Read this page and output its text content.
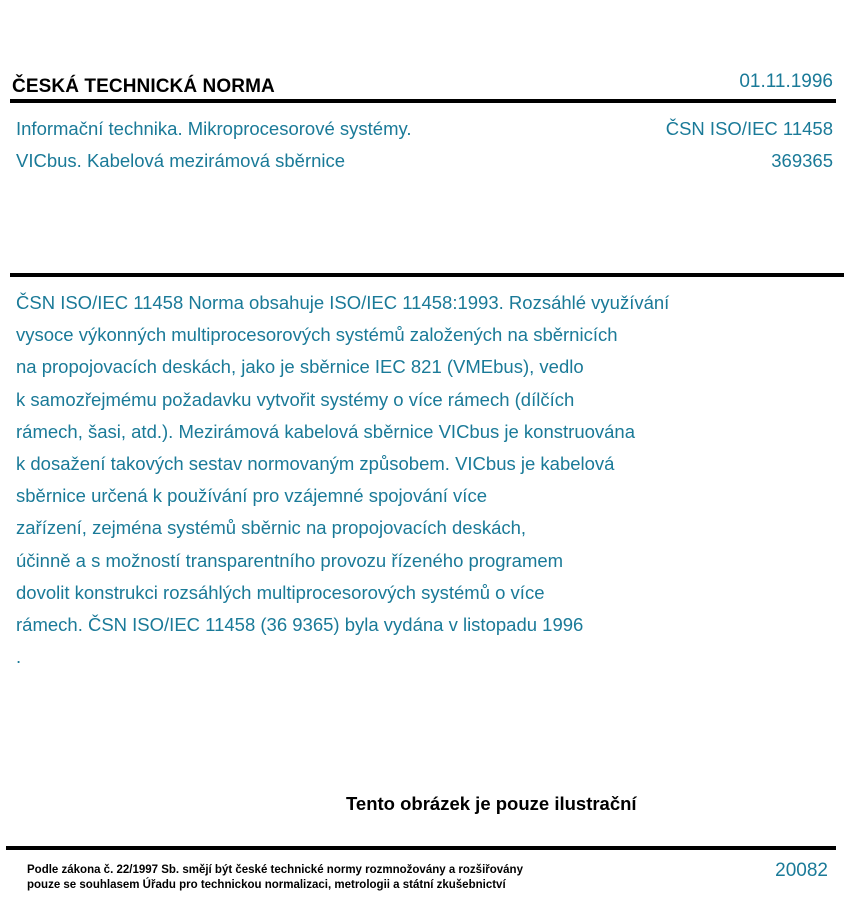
ČESKÁ TECHNICKÁ NORMA	01.11.1996
Informační technika. Mikroprocesorové systémy.
VICbus. Kabelová mezirámová sběrnice
ČSN ISO/IEC 11458
369365

ČSN ISO/IEC 11458 Norma obsahuje ISO/IEC 11458:1993. Rozsáhlé využívání

vysoce výkonných multiprocesorových systémů založených na sběrnicích

na propojovacích deskách, jako je sběrnice IEC 821 (VMEbus), vedlo

k samozřejmému požadavku vytvořit systémy o více rámech (dílčích

rámech, šasi, atd.). Mezirámová kabelová sběrnice VICbus je konstruována

k dosažení takových sestav normovaným způsobem. VICbus je kabelová

sběrnice určená k používání pro vzájemné spojování více

zařízení, zejména systémů sběrnic na propojovacích deskách,

účinně a s možností transparentního provozu řízeného programem

dovolit konstrukci rozsáhlých multiprocesorových systémů o více

rámech. ČSN ISO/IEC 11458 (36 9365) byla vydána v listopadu 1996

.

Tento obrázek je pouze ilustrační
Podle zákona č. 22/1997 Sb. smějí být české technické normy rozmnožovány a rozšiřovány
pouze se souhlasem Úřadu pro technickou normalizaci, metrologii a státní zkušebnictví
20082
